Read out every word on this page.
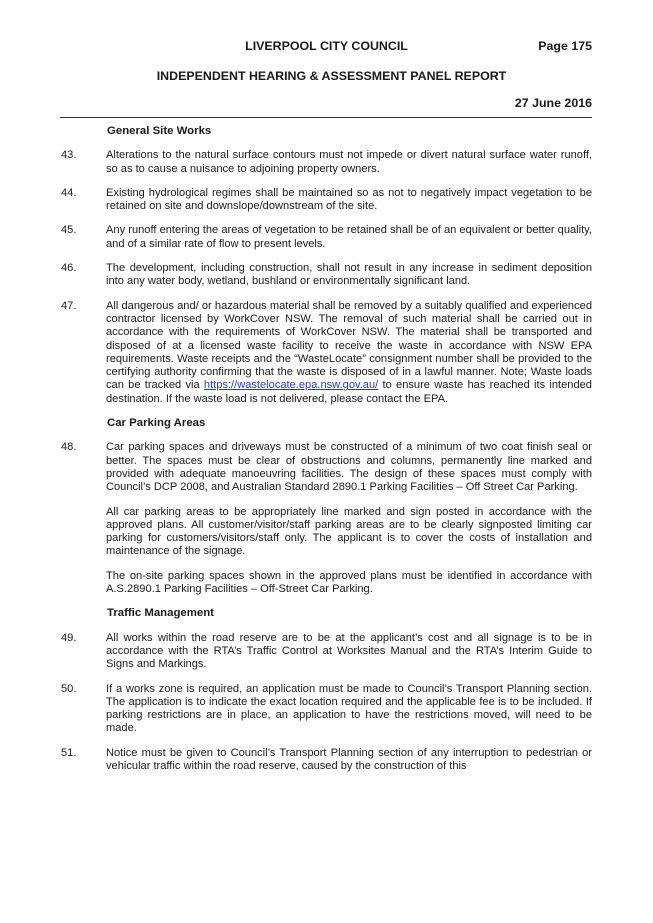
LIVERPOOL CITY COUNCIL	Page 175
INDEPENDENT HEARING & ASSESSMENT PANEL REPORT
27 June 2016
General Site Works
43.	Alterations to the natural surface contours must not impede or divert natural surface water runoff, so as to cause a nuisance to adjoining property owners.
44.	Existing hydrological regimes shall be maintained so as not to negatively impact vegetation to be retained on site and downslope/downstream of the site.
45.	Any runoff entering the areas of vegetation to be retained shall be of an equivalent or better quality, and of a similar rate of flow to present levels.
46.	The development, including construction, shall not result in any increase in sediment deposition into any water body, wetland, bushland or environmentally significant land.
47.	All dangerous and/ or hazardous material shall be removed by a suitably qualified and experienced contractor licensed by WorkCover NSW. The removal of such material shall be carried out in accordance with the requirements of WorkCover NSW. The material shall be transported and disposed of at a licensed waste facility to receive the waste in accordance with NSW EPA requirements. Waste receipts and the “WasteLocate” consignment number shall be provided to the certifying authority confirming that the waste is disposed of in a lawful manner. Note; Waste loads can be tracked via https://wastelocate.epa.nsw.gov.au/ to ensure waste has reached its intended destination. If the waste load is not delivered, please contact the EPA.
Car Parking Areas
48.	Car parking spaces and driveways must be constructed of a minimum of two coat finish seal or better. The spaces must be clear of obstructions and columns, permanently line marked and provided with adequate manoeuvring facilities. The design of these spaces must comply with Council’s DCP 2008, and Australian Standard 2890.1 Parking Facilities – Off Street Car Parking.

All car parking areas to be appropriately line marked and sign posted in accordance with the approved plans. All customer/visitor/staff parking areas are to be clearly signposted limiting car parking for customers/visitors/staff only. The applicant is to cover the costs of installation and maintenance of the signage.

The on-site parking spaces shown in the approved plans must be identified in accordance with A.S.2890.1 Parking Facilities – Off-Street Car Parking.

Traffic Management
49.	All works within the road reserve are to be at the applicant’s cost and all signage is to be in accordance with the RTA’s Traffic Control at Worksites Manual and the RTA’s Interim Guide to Signs and Markings.
50.	If a works zone is required, an application must be made to Council’s Transport Planning section. The application is to indicate the exact location required and the applicable fee is to be included. If parking restrictions are in place, an application to have the restrictions moved, will need to be made.
51.	Notice must be given to Council’s Transport Planning section of any interruption to pedestrian or vehicular traffic within the road reserve, caused by the construction of this
